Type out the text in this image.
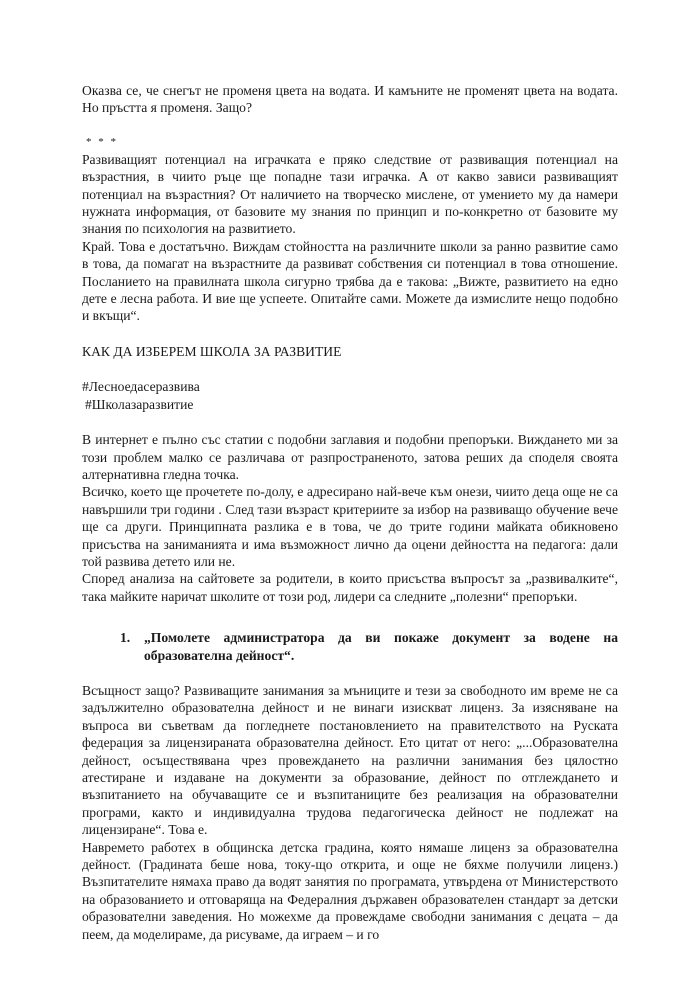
Оказва се, че снегът не променя цвета на водата. И камъните не променят цвета на водата. Но пръстта я променя. Защо?

* * *

Развиващият потенциал на играчката е пряко следствие от развиващия потенциал на възрастния, в чиито ръце ще попадне тази играчка. А от какво зависи развиващият потенциал на възрастния? От наличието на творческо мислене, от умението му да намери нужната информация, от базовите му знания по принцип и по-конкретно от базовите му знания по психология на развитието.

Край. Това е достатъчно. Виждам стойността на различните школи за ранно развитие само в това, да помагат на възрастните да развиват собствения си потенциал в това отношение. Посланието на правилната школа сигурно трябва да е такова: „Вижте, развитието на едно дете е лесна работа. И вие ще успеете. Опитайте сами. Можете да измислите нещо подобно и вкъщи“.

КАК ДА ИЗБЕРЕМ ШКОЛА ЗА РАЗВИТИЕ

#Лесноедасеразвива

#Школазаразвитие

В интернет е пълно със статии с подобни заглавия и подобни препоръки. Виждането ми за този проблем малко се различава от разпространеното, затова реших да споделя своята алтернативна гледна точка.

Всичко, което ще прочетете по-долу, е адресирано най-вече към онези, чиито деца още не са навършили три години . След тази възраст критериите за избор на развиващо обучение вече ще са други. Принципната разлика е в това, че до трите години майката обикновено присъства на заниманията и има възможност лично да оцени дейността на педагога: дали той развива детето или не.

Според анализа на сайтовете за родители, в които присъства въпросът за „развивалките“, така майките наричат школите от този род, лидери са следните „полезни“ препоръки.

1.	„Помолете администратора да ви покаже документ за водене на образователна дейност“.

Всъщност защо? Развиващите занимания за мъниците и тези за свободното им време не са задължително образователна дейност и не винаги изискват лиценз. За изясняване на въпроса ви съветвам да погледнете постановлението на правителството на Руската федерация за лицензираната образователна дейност. Ето цитат от него: „...Образователна дейност, осъществявана чрез провеждането на различни занимания без цялостно атестиране и издаване на документи за образование, дейност по отглеждането и възпитанието на обучаващите се и възпитаниците без реализация на образователни програми, както и индивидуална трудова педагогическа дейност не подлежат на лицензиране“. Това е.

Навремето работех в общинска детска градина, която нямаше лиценз за образователна дейност. (Градината беше нова, току-що открита, и още не бяхме получили лиценз.) Възпитателите нямаха право да водят занятия по програмата, утвърдена от Министерството на образованието и отговаряща на Федералния държавен образователен стандарт за детски образователни заведения. Но можехме да провеждаме свободни занимания с децата – да пеем, да моделираме, да рисуваме, да играем – и го
